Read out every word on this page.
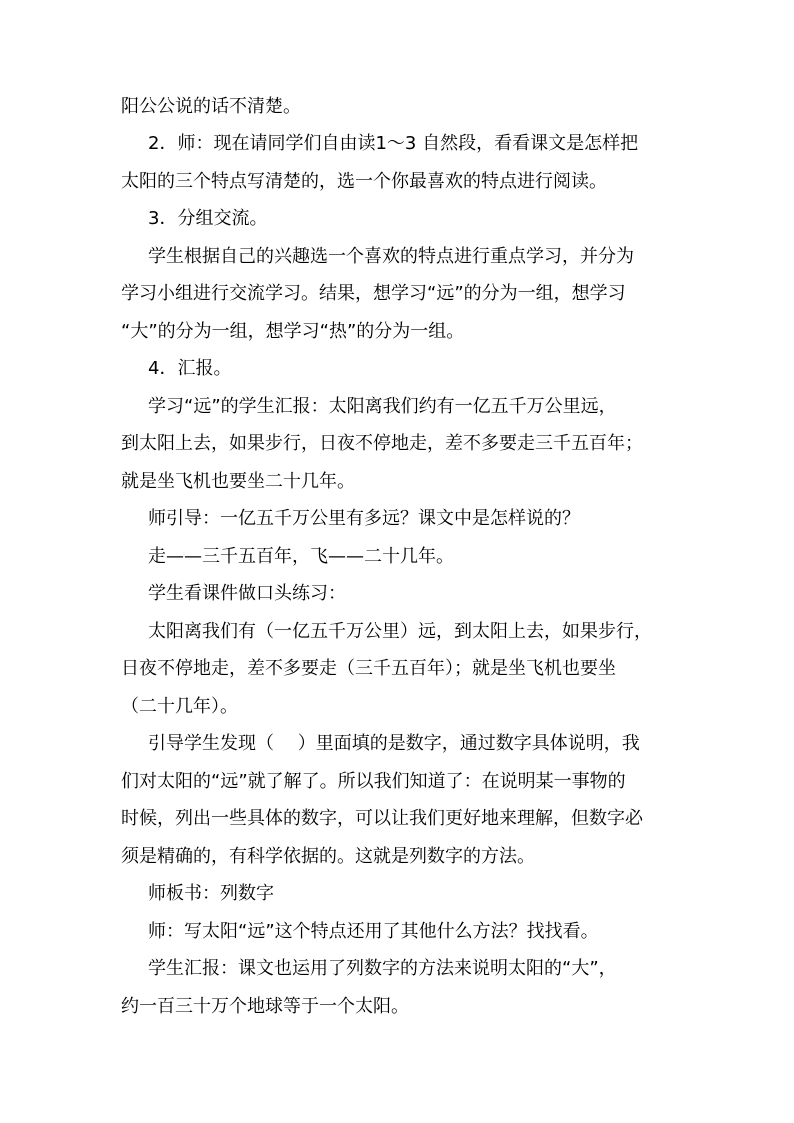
阳公公说的话不清楚。
2．师：现在请同学们自由读1～3 自然段，看看课文是怎样把
太阳的三个特点写清楚的，选一个你最喜欢的特点进行阅读。
3．分组交流。
学生根据自己的兴趣选一个喜欢的特点进行重点学习，并分为
学习小组进行交流学习。结果，想学习“远”的分为一组，想学习
“大”的分为一组，想学习“热”的分为一组。
4．汇报。
学习“远”的学生汇报：太阳离我们约有一亿五千万公里远，
到太阳上去，如果步行，日夜不停地走，差不多要走三千五百年；
就是坐飞机也要坐二十几年。
师引导：一亿五千万公里有多远？课文中是怎样说的？
走——三千五百年，飞——二十几年。
学生看课件做口头练习：
太阳离我们有（一亿五千万公里）远，到太阳上去，如果步行，
日夜不停地走，差不多要走（三千五百年）；就是坐飞机也要坐
（二十几年）。
引导学生发现（　 ）里面填的是数字，通过数字具体说明，我
们对太阳的“远”就了解了。所以我们知道了：在说明某一事物的
时候，列出一些具体的数字，可以让我们更好地来理解，但数字必
须是精确的，有科学依据的。这就是列数字的方法。
师板书：列数字
师：写太阳“远”这个特点还用了其他什么方法？找找看。
学生汇报：课文也运用了列数字的方法来说明太阳的“大”，
约一百三十万个地球等于一个太阳。
